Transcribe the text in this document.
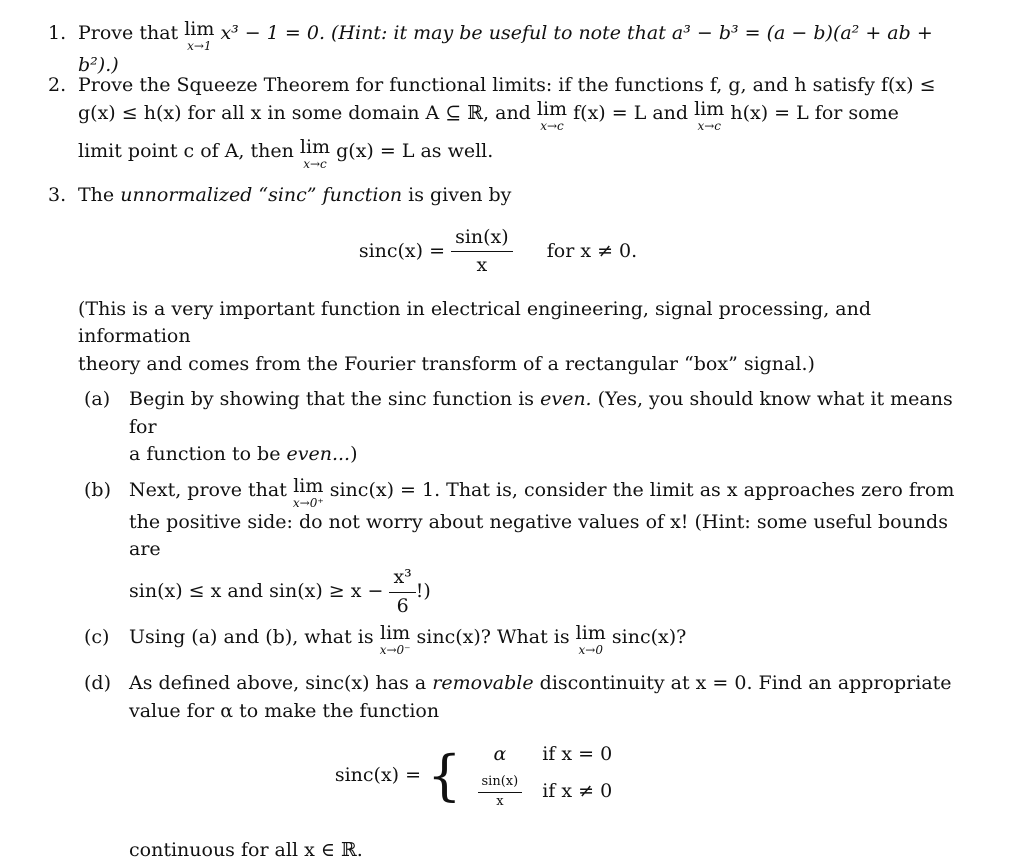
1. Prove that lim
x→1
x³ − 1 = 0. (Hint: it may be useful to note that a³ − b³ = (a − b)(a² + ab + b²).)
2. Prove the Squeeze Theorem for functional limits: if the functions f, g, and h satisfy f(x) ≤
g(x) ≤ h(x) for all x in some domain A ⊆ ℝ, and lim
x→c
f(x) = L and lim
x→c
h(x) = L for some
limit point c of A, then lim
x→c
g(x) = L as well.
3. The unnormalized “sinc” function is given by
$\sin c(x) = \frac{\sin(x)}{x}$ for x ≠ 0.
(This is a very important function in electrical engineering, signal processing, and information
theory and comes from the Fourier transform of a rectangular “box” signal.)
(a) Begin by showing that the sinc function is even. (Yes, you should know what it means for
a function to be even...)
(b) Next, prove that lim
x→0⁺
sinc(x) = 1. That is, consider the limit as x approaches zero from
the positive side: do not worry about negative values of x! (Hint: some useful bounds are
sin(x) ≤ x and $\sin(x) \ge x - \frac{\text{x³}}{6}$ !)
(c) Using (a) and (b), what is lim
x→0⁻
sinc(x)? What is lim
x→0
sinc(x)?
(d) As defined above, sinc(x) has a removable discontinuity at x = 0. Find an appropriate
value for α to make the function
sinc(x) = { α	if x = 0

$\frac{\sin(x)}{x}$	if x ≠ 0
continuous for all x ∈ ℝ.
